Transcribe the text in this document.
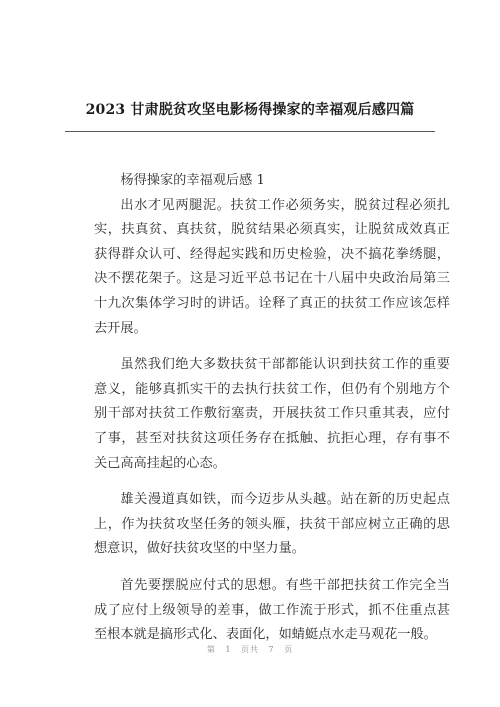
2023 甘肃脱贫攻坚电影杨得操家的幸福观后感四篇

杨得操家的幸福观后感 1

出水才见两腿泥。扶贫工作必须务实，脱贫过程必须扎实，扶真贫、真扶贫，脱贫结果必须真实，让脱贫成效真正获得群众认可、经得起实践和历史检验，决不搞花拳绣腿，决不摆花架子。这是习近平总书记在十八届中央政治局第三十九次集体学习时的讲话。诠释了真正的扶贫工作应该怎样去开展。

虽然我们绝大多数扶贫干部都能认识到扶贫工作的重要意义，能够真抓实干的去执行扶贫工作，但仍有个别地方个别干部对扶贫工作敷衍塞责，开展扶贫工作只重其表，应付了事，甚至对扶贫这项任务存在抵触、抗拒心理，存有事不关己高高挂起的心态。

雄关漫道真如铁，而今迈步从头越。站在新的历史起点上，作为扶贫攻坚任务的领头雁，扶贫干部应树立正确的思想意识，做好扶贫攻坚的中坚力量。

首先要摆脱应付式的思想。有些干部把扶贫工作完全当成了应付上级领导的差事，做工作流于形式，抓不住重点甚至根本就是搞形式化、表面化，如蜻蜓点水走马观花一般。

第 1 页共 7 页
